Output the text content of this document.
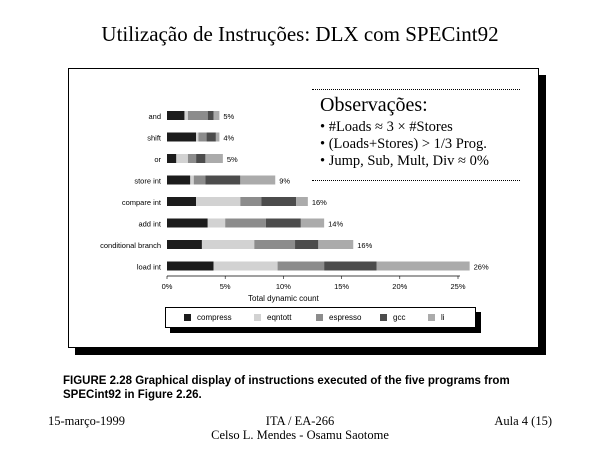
Utilização de Instruções: DLX com SPECint92
and	5%
shift	4%
or	5%
store int	9%
compare int	16%
add int	14%
conditional branch	16%
load int	26%
0%	5%	10%	15%	20%	25%
Total dynamic count
Observações:
• #Loads ≈ 3 × #Stores
• (Loads+Stores) > 1/3 Prog.
• Jump, Sub, Mult, Div ≈ 0%
compress	eqntott	espresso	gcc	li
FIGURE 2.28 Graphical display of instructions executed of the five programs from
SPECint92 in Figure 2.26.
15-março-1999	ITA / EA-266
Celso L. Mendes - Osamu Saotome
Aula 4 (15)
